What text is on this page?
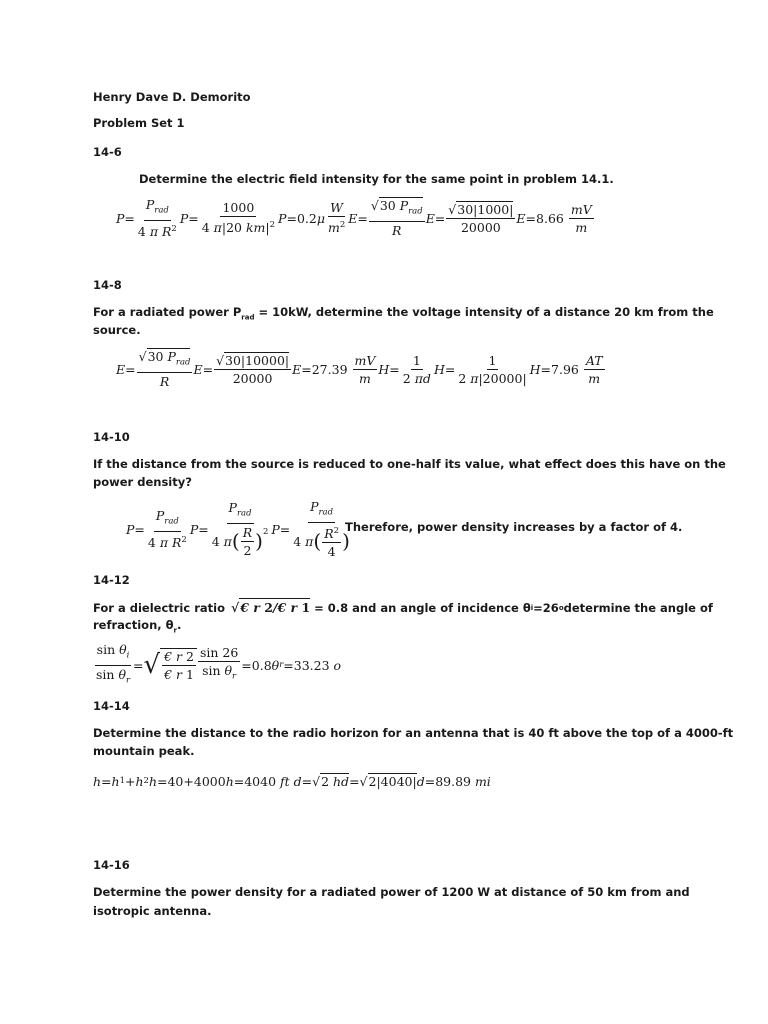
Henry Dave D. Demorito
Problem Set 1
14-6
Determine the electric field intensity for the same point in problem 14.1.
$P= \frac{P_{rad}}{4 \pi R^2} P= \frac{1000}{4 \pi|20 km|^2} P= 0.2$ μ $\frac{W}{m^2} E= \frac{√30 P_{rad}}{R} E= \frac{√30|1000|}{20000} E= 8.66$
$\frac{mV}{m}$
14-8
For a radiated power $P_{rad} = 10kW$, determine the voltage intensity of a distance 20 km from the
source.
$E= \frac{√30 P_{rad}}{R} E= \frac{√30|10000|}{20000} E= 27.39$
$\frac{mV}{m} H= \frac{1}{2 \pi d} H= \frac{1}{2 \pi|20000|} H= 7.96$
$\frac{AT}{m}$
14-10
If the distance from the source is reduced to one-half its value, what effect does this have on the
power density?
$P= \frac{P_{rad}}{4 \pi R^2} P= \frac{P_{rad}}{4 \pi ( \frac{R}{2} )^2} P= \frac{P_{rad}}{4 \pi ( \frac{R^2}{4} )}$
Therefore, power density increases by a factor of 4.
14-12
For a dielectric ratio √ € r 2/€ r 1 = 0.8 and an angle of incidence θ i =26 o determine the angle of
refraction, $\theta_r$.
$\frac{\sin \theta_i}{\sin \theta_r}$ = √ $\frac{€ r 2}{€ r 1} \frac{\sin 26}{\sin \theta_r} = 0.8$ θ r = 33.23 o
14-14
Determine the distance to the radio horizon for an antenna that is 40 ft above the top of a 4000-ft
mountain peak.
h=h 1 +h 2 h= 40 + 4000 h= 4040 ft d= √ 2 hd = √ 2|4040| d= 89.89 mi
14-16
Determine the power density for a radiated power of 1200 W at distance of 50 km from and
isotropic antenna.
